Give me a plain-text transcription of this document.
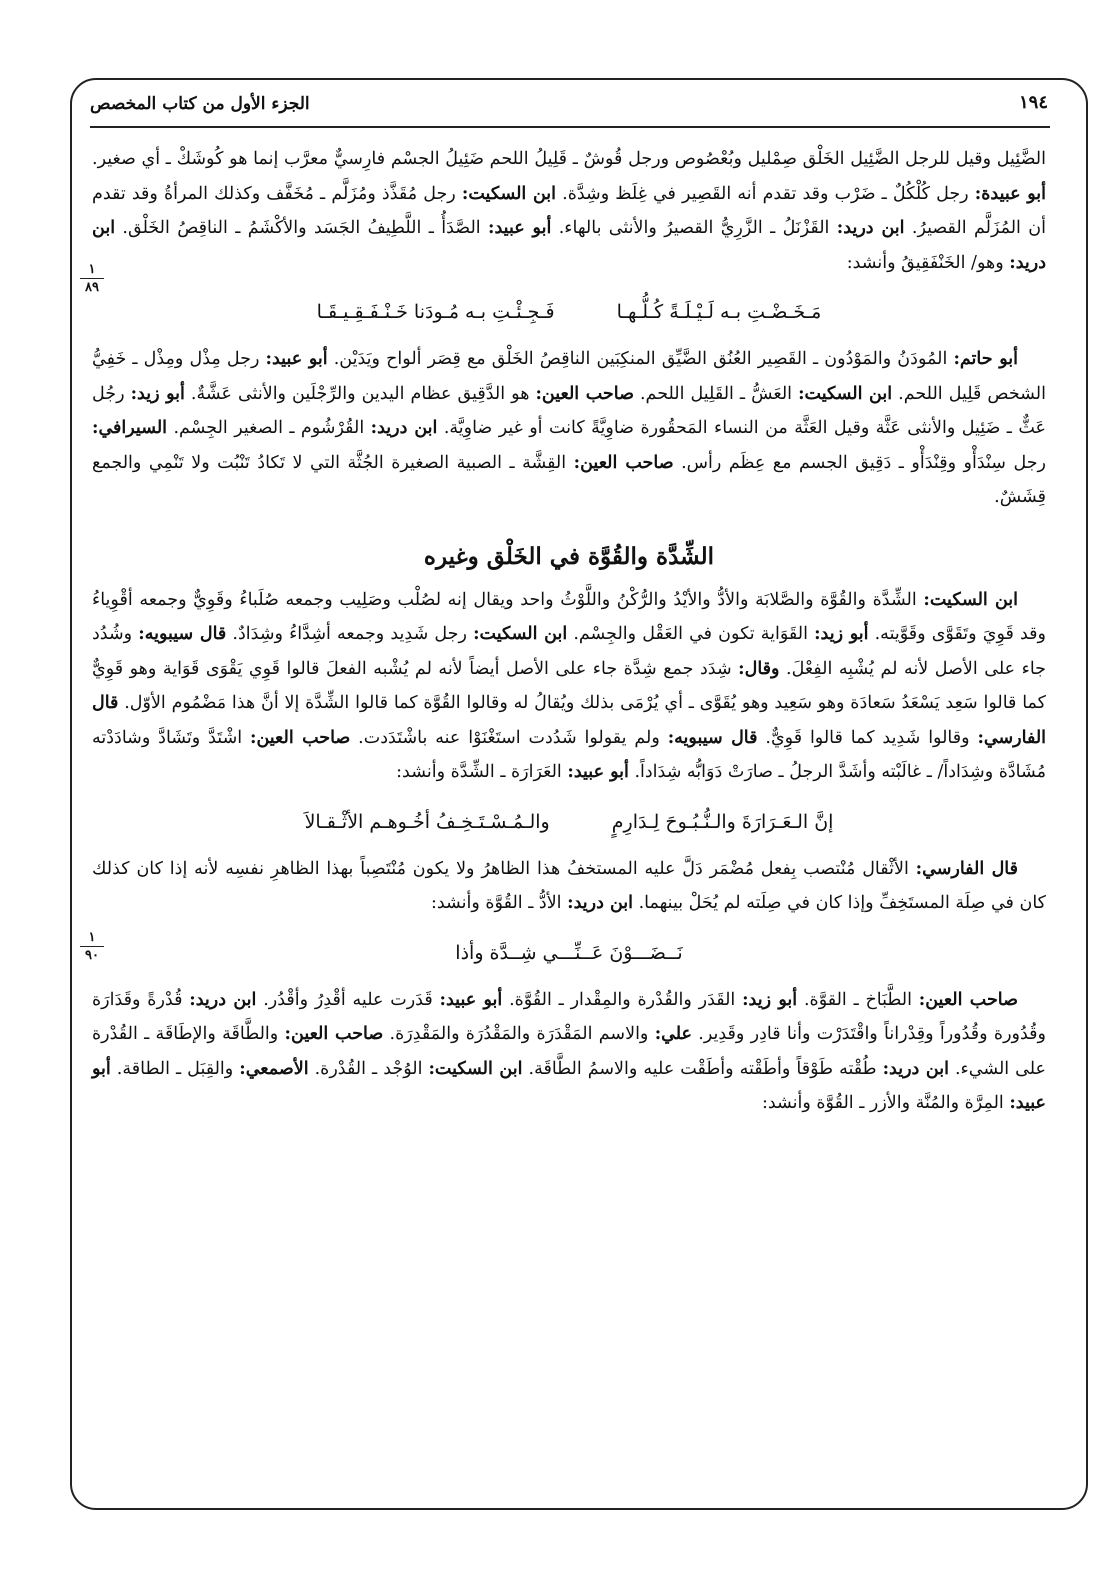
الجزء الأول من كتاب المخصص	١٩٤
١
٨٩
١
٩٠

الضَّئِيل وقيل للرجل الضَّئِيل الخَلْق صِمْليل وبُعْصُوص ورجل قُوشٌ ـ قَلِيلُ اللحم ضَئِيلُ الجسْم فارِسيٌّ معرَّب إنما هو كُوشَكْ ـ أي صغير. أبو عبيدة: رجل كُلْكُلٌ ـ ضَرْب وقد تقدم أنه القَصِير في غِلَظ وشِدَّة. ابن السكيت: رجل مُقَذَّذ ومُزَلَّم ـ مُخَفَّف وكذلك المرأةُ وقد تقدم أن المُزَلَّم القصيرُ. ابن دريد: القَزْنَلُ ـ الزَّرِيُّ القصيرُ والأنثى بالهاء. أبو عبيد: الصَّدَأُ ـ اللَّطِيفُ الجَسَد والأكْشَمُ ـ الناقِصُ الخَلْق. ابن دريد: وهو/ الخَنْفَقِيقُ وأنشد:

مَـخَـضْـتِ بـه لَـيْـلَـةً كُـلُّـهـا فَـجِـئْـتِ بـه مُـودَنا خَـنْـفَـقِـيـقَـا

أبو حاتم: المُودَنُ والمَوْدُون ـ القَصِير العُنُق الضَّيِّق المنكِبَين الناقِصُ الخَلْق مع قِصَر ألواح ويَدَيْن. أبو عبيد: رجل مِذْل ومِذْل ـ خَفِيُّ الشخص قَلِيل اللحم. ابن السكيت: العَشُّ ـ القَلِيل اللحم. صاحب العين: هو الدَّقِيق عظام اليدين والرِّجْلَين والأنثى عَشَّةٌ. أبو زيد: رجُل عَثٌّ ـ ضَئِيل والأنثى عَثَّة وقيل العَثَّة من النساء المَحقُورة ضاوِيَّةً كانت أو غير ضاوِيَّة. ابن دريد: القُرْشُوم ـ الصغير الجِسْم. السيرافي: رجل سِنْدَأْو وقِنْدَأْو ـ دَقِيق الجسم مع عِظَم رأس. صاحب العين: القِشَّة ـ الصبية الصغيرة الجُثَّة التي لا تَكادُ تَنْبُت ولا تَنْمِي والجمع قِشَشٌ.

الشِّدَّة والقُوَّة في الخَلْق وغيره

ابن السكيت: الشِّدَّة والقُوَّة والصَّلابَة والأدُّ والأيْدُ والرُّكْنُ واللَّوْثُ واحد ويقال إنه لصُلْب وصَلِيب وجمعه صُلَباءُ وقَوِيٌّ وجمعه أقْوِياءُ وقد قَوِيَ وتَقَوَّى وقَوَّيته. أبو زيد: القَوَاية تكون في العَقْل والجِسْم. ابن السكيت: رجل شَدِيد وجمعه أشِدَّاءُ وشِدَادٌ. قال سيبويه: وشُدُد جاء على الأصل لأنه لم يُشْبِه الفِعْلَ. وقال: شِدَد جمع شِدَّة جاء على الأصل أيضاً لأنه لم يُشْبه الفعلَ قالوا قَوِي يَقْوَى قَوَاية وهو قَوِيٌّ كما قالوا سَعِد يَسْعَدُ سَعادَة وهو سَعِيد وهو يُقَوَّى ـ أي يُرْمَى بذلك ويُقالُ له وقالوا القُوَّة كما قالوا الشِّدَّة إلا أنَّ هذا مَضْمُوم الأوّل. قال الفارسي: وقالوا شَدِيد كما قالوا قَوِيٌّ. قال سيبويه: ولم يقولوا شَدُدت استَغْنَوْا عنه باشْتَدَدت. صاحب العين: اشْتَدَّ وتَشَادَّ وشادَدْته مُشَادَّة وشِدَاداً/ ـ غالَبْته وأشَدَّ الرجلُ ـ صارَتْ دَوَابُّه شِدَاداً. أبو عبيد: العَرَارَة ـ الشِّدَّة وأنشد:

إنَّ الـعَـرَارَةَ والـنُّـبُـوحَ لِـدَارِمٍ والـمُـسْـتَـخِـفُ أخُـوهـم الأثْـقـالاَ

قال الفارسي: الأثْقال مُنْتصب بِفعل مُضْمَر دَلَّ عليه المستخفُ هذا الظاهرُ ولا يكون مُنْتَصِباً بهذا الظاهرِ نفسِه لأنه إذا كان كذلك كان في صِلَة المستَخِفِّ وإذا كان في صِلَته لم يُحَلْ بينهما. ابن دريد: الأدُّ ـ القُوَّة وأنشد:

نَــضَـــوْنَ عَــنِّـــي شِــدَّة وأذا

صاحب العين: الطَّبَاخ ـ القوَّة. أبو زيد: القَدَر والقُدْرة والمِقْدار ـ القُوَّة. أبو عبيد: قَدَرت عليه أقْدِرُ وأقْدُر. ابن دريد: قُدْرةً وقَدَارَة وقُدُورة وقُدُوراً وقِدْراناً واقْتَدَرْت وأنا قادِر وقَدِير. علي: والاسم المَقْدَرَة والمَقْدُرَة والمَقْدِرَة. صاحب العين: والطَّاقَة والإطَاقَة ـ القُدْرة على الشيء. ابن دريد: طُقْته طَوْقاً وأطَقْته وأطَقْت عليه والاسمُ الطَّاقَة. ابن السكيت: الوُجْد ـ القُدْرة. الأصمعي: والقِبَل ـ الطاقة. أبو عبيد: المِرَّة والمُنَّة والأزر ـ القُوَّة وأنشد:
